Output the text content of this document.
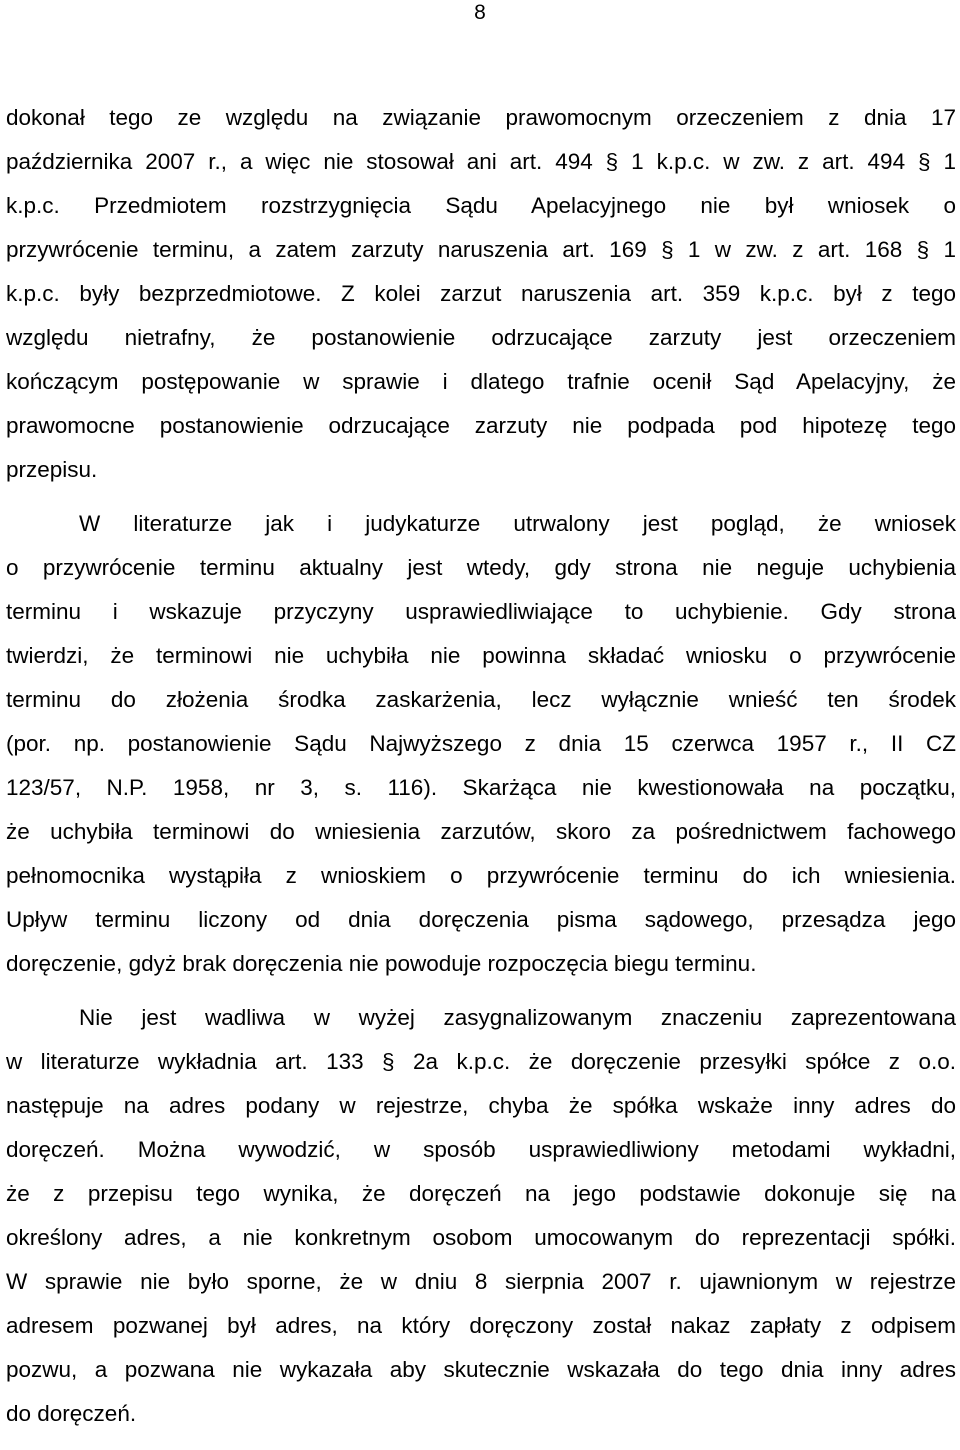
8
dokonał tego ze względu na związanie prawomocnym orzeczeniem z dnia 17
października 2007 r., a więc nie stosował ani art. 494 § 1 k.p.c. w zw. z art. 494 § 1
k.p.c. Przedmiotem rozstrzygnięcia Sądu Apelacyjnego nie był wniosek o
przywrócenie terminu, a zatem zarzuty naruszenia art. 169 § 1 w zw. z art. 168 § 1
k.p.c. były bezprzedmiotowe. Z kolei zarzut naruszenia art. 359 k.p.c. był z tego
względu nietrafny, że postanowienie odrzucające zarzuty jest orzeczeniem
kończącym postępowanie w sprawie i dlatego trafnie ocenił Sąd Apelacyjny, że
prawomocne postanowienie odrzucające zarzuty nie podpada pod hipotezę tego
przepisu.
W literaturze jak i judykaturze utrwalony jest pogląd, że wniosek
o przywrócenie terminu aktualny jest wtedy, gdy strona nie neguje uchybienia
terminu i wskazuje przyczyny usprawiedliwiające to uchybienie. Gdy strona
twierdzi, że terminowi nie uchybiła nie powinna składać wniosku o przywrócenie
terminu do złożenia środka zaskarżenia, lecz wyłącznie wnieść ten środek
(por. np. postanowienie Sądu Najwyższego z dnia 15 czerwca 1957 r., II CZ
123/57, N.P. 1958, nr 3, s. 116). Skarżąca nie kwestionowała na początku,
że uchybiła terminowi do wniesienia zarzutów, skoro za pośrednictwem fachowego
pełnomocnika wystąpiła z wnioskiem o przywrócenie terminu do ich wniesienia.
Upływ terminu liczony od dnia doręczenia pisma sądowego, przesądza jego
doręczenie, gdyż brak doręczenia nie powoduje rozpoczęcia biegu terminu.
Nie jest wadliwa w wyżej zasygnalizowanym znaczeniu zaprezentowana
w literaturze wykładnia art. 133 § 2a k.p.c. że doręczenie przesyłki spółce z o.o.
następuje na adres podany w rejestrze, chyba że spółka wskaże inny adres do
doręczeń. Można wywodzić, w sposób usprawiedliwiony metodami wykładni,
że z przepisu tego wynika, że doręczeń na jego podstawie dokonuje się na
określony adres, a nie konkretnym osobom umocowanym do reprezentacji spółki.
W sprawie nie było sporne, że w dniu 8 sierpnia 2007 r. ujawnionym w rejestrze
adresem pozwanej był adres, na który doręczony został nakaz zapłaty z odpisem
pozwu, a pozwana nie wykazała aby skutecznie wskazała do tego dnia inny adres
do doręczeń.
